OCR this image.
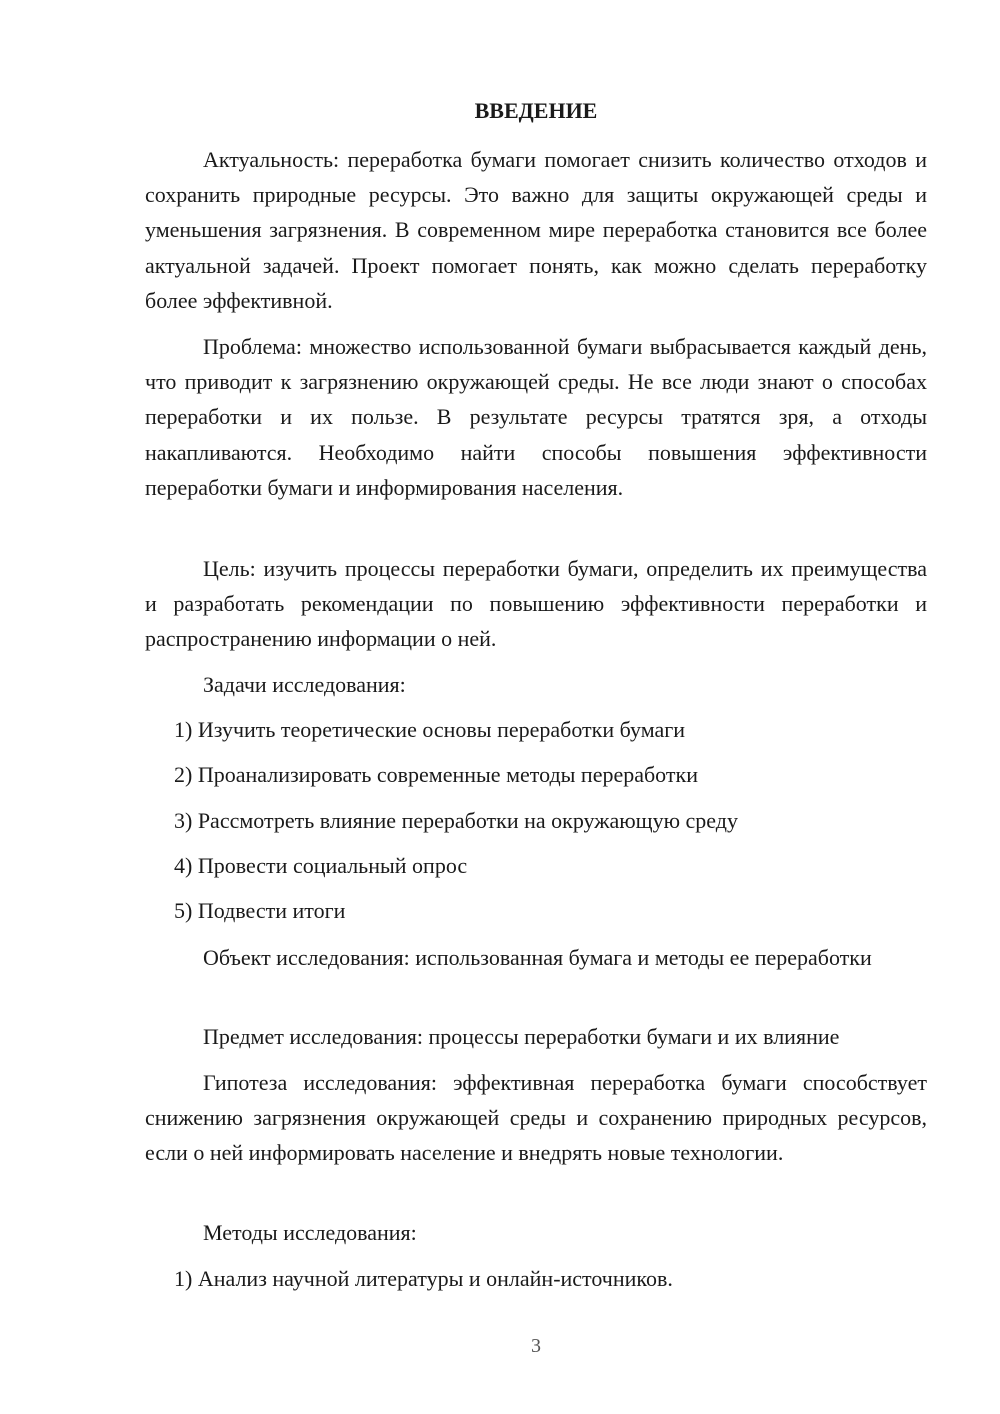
ВВЕДЕНИЕ

Актуальность: переработка бумаги помогает снизить количество отходов и сохранить природные ресурсы. Это важно для защиты окружающей среды и уменьшения загрязнения. В современном мире переработка становится все более актуальной задачей. Проект помогает понять, как можно сделать переработку более эффективной.

Проблема: множество использованной бумаги выбрасывается каждый день, что приводит к загрязнению окружающей среды. Не все люди знают о способах переработки и их пользе. В результате ресурсы тратятся зря, а отходы накапливаются. Необходимо найти способы повышения эффективности переработки бумаги и информирования населения.

Цель: изучить процессы переработки бумаги, определить их преимущества и разработать рекомендации по повышению эффективности переработки и распространению информации о ней.

Задачи исследования:
1) Изучить теоретические основы переработки бумаги
2) Проанализировать современные методы переработки
3) Рассмотреть влияние переработки на окружающую среду
4) Провести социальный опрос
5) Подвести итоги

Объект исследования: использованная бумага и методы ее переработки

Предмет исследования: процессы переработки бумаги и их влияние

Гипотеза исследования: эффективная переработка бумаги способствует снижению загрязнения окружающей среды и сохранению природных ресурсов, если о ней информировать население и внедрять новые технологии.

Методы исследования:
1) Анализ научной литературы и онлайн-источников.
3
